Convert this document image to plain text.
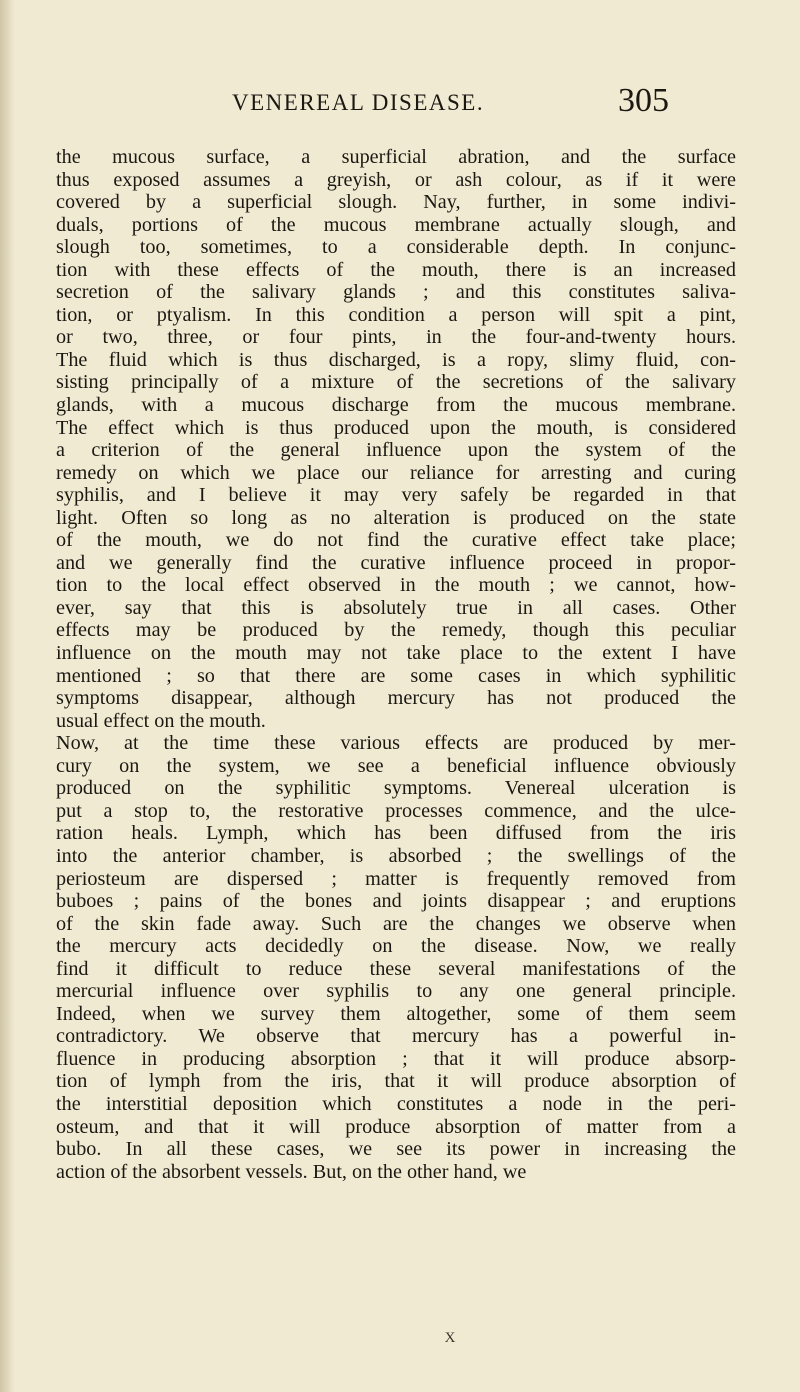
VENEREAL DISEASE.	305
the mucous surface, a superficial abration, and the surface
thus exposed assumes a greyish, or ash colour, as if it were
covered by a superficial slough. Nay, further, in some indivi-
duals, portions of the mucous membrane actually slough, and
slough too, sometimes, to a considerable depth. In conjunc-
tion with these effects of the mouth, there is an increased
secretion of the salivary glands ; and this constitutes saliva-
tion, or ptyalism. In this condition a person will spit a pint,
or two, three, or four pints, in the four-and-twenty hours.
The fluid which is thus discharged, is a ropy, slimy fluid, con-
sisting principally of a mixture of the secretions of the salivary
glands, with a mucous discharge from the mucous membrane.
The effect which is thus produced upon the mouth, is considered
a criterion of the general influence upon the system of the
remedy on which we place our reliance for arresting and curing
syphilis, and I believe it may very safely be regarded in that
light. Often so long as no alteration is produced on the state
of the mouth, we do not find the curative effect take place;
and we generally find the curative influence proceed in propor-
tion to the local effect observed in the mouth ; we cannot, how-
ever, say that this is absolutely true in all cases. Other
effects may be produced by the remedy, though this peculiar
influence on the mouth may not take place to the extent I have
mentioned ; so that there are some cases in which syphilitic
symptoms disappear, although mercury has not produced the
usual effect on the mouth.
Now, at the time these various effects are produced by mer-
cury on the system, we see a beneficial influence obviously
produced on the syphilitic symptoms. Venereal ulceration is
put a stop to, the restorative processes commence, and the ulce-
ration heals. Lymph, which has been diffused from the iris
into the anterior chamber, is absorbed ; the swellings of the
periosteum are dispersed ; matter is frequently removed from
buboes ; pains of the bones and joints disappear ; and eruptions
of the skin fade away. Such are the changes we observe when
the mercury acts decidedly on the disease. Now, we really
find it difficult to reduce these several manifestations of the
mercurial influence over syphilis to any one general principle.
Indeed, when we survey them altogether, some of them seem
contradictory. We observe that mercury has a powerful in-
fluence in producing absorption ; that it will produce absorp-
tion of lymph from the iris, that it will produce absorption of
the interstitial deposition which constitutes a node in the peri-
osteum, and that it will produce absorption of matter from a
bubo. In all these cases, we see its power in increasing the
action of the absorbent vessels. But, on the other hand, we
X
